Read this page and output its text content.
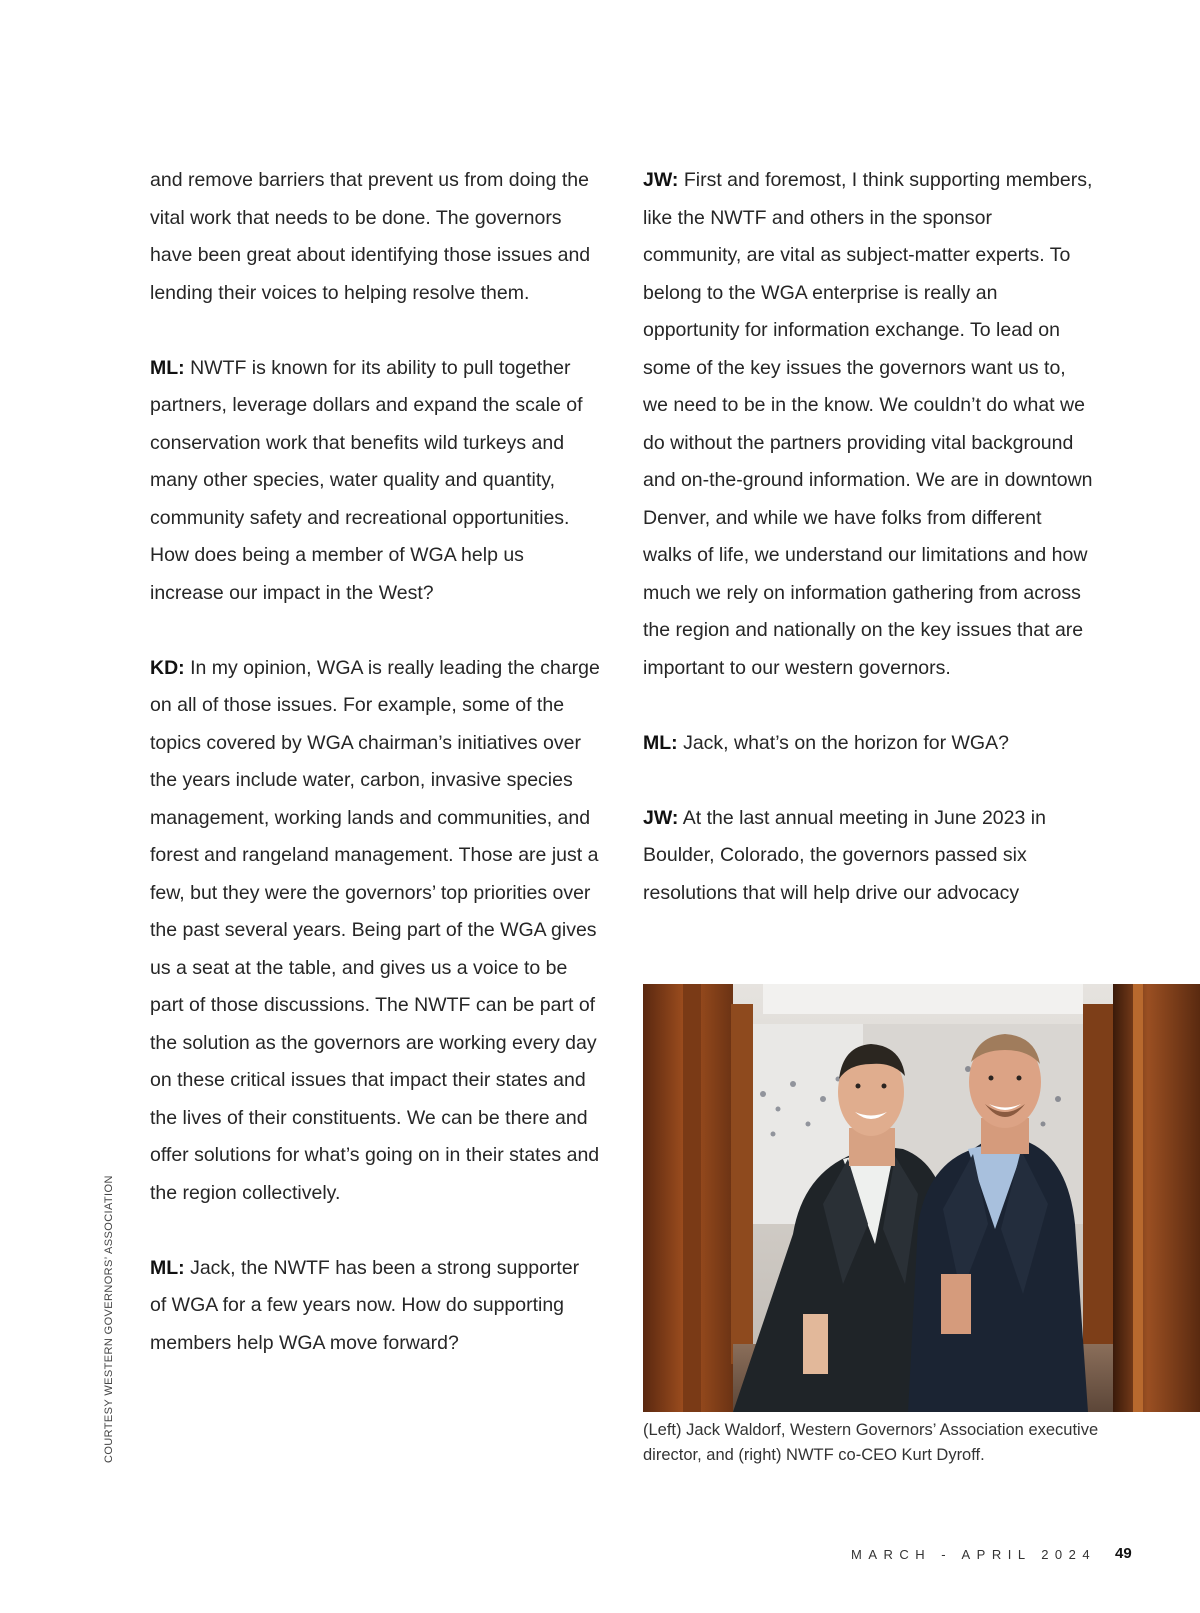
and remove barriers that prevent us from doing the vital work that needs to be done. The governors have been great about identifying those issues and lending their voices to helping resolve them.

ML: NWTF is known for its ability to pull together partners, leverage dollars and expand the scale of conservation work that benefits wild turkeys and many other species, water quality and quantity, community safety and recreational opportunities. How does being a member of WGA help us increase our impact in the West?

KD: In my opinion, WGA is really leading the charge on all of those issues. For example, some of the topics covered by WGA chairman’s initiatives over the years include water, carbon, invasive species management, working lands and communities, and forest and rangeland management. Those are just a few, but they were the governors’ top priorities over the past several years. Being part of the WGA gives us a seat at the table, and gives us a voice to be part of those discussions. The NWTF can be part of the solution as the governors are working every day on these critical issues that impact their states and the lives of their constituents. We can be there and offer solutions for what’s going on in their states and the region collectively.

ML: Jack, the NWTF has been a strong supporter of WGA for a few years now. How do supporting members help WGA move forward?

JW: First and foremost, I think supporting members, like the NWTF and others in the sponsor community, are vital as subject-matter experts. To belong to the WGA enterprise is really an opportunity for information exchange. To lead on some of the key issues the governors want us to, we need to be in the know. We couldn’t do what we do without the partners providing vital background and on-the-ground information. We are in downtown Denver, and while we have folks from different walks of life, we understand our limitations and how much we rely on information gathering from across the region and nationally on the key issues that are important to our western governors.

ML: Jack, what’s on the horizon for WGA?

JW: At the last annual meeting in June 2023 in Boulder, Colorado, the governors passed six resolutions that will help drive our advocacy

COURTESY WESTERN GOVERNORS’ ASSOCIATION	(Left) Jack Waldorf, Western Governors’ Association executive director, and (right) NWTF co-CEO Kurt Dyroff.
MARCH - APRIL 2024 49
